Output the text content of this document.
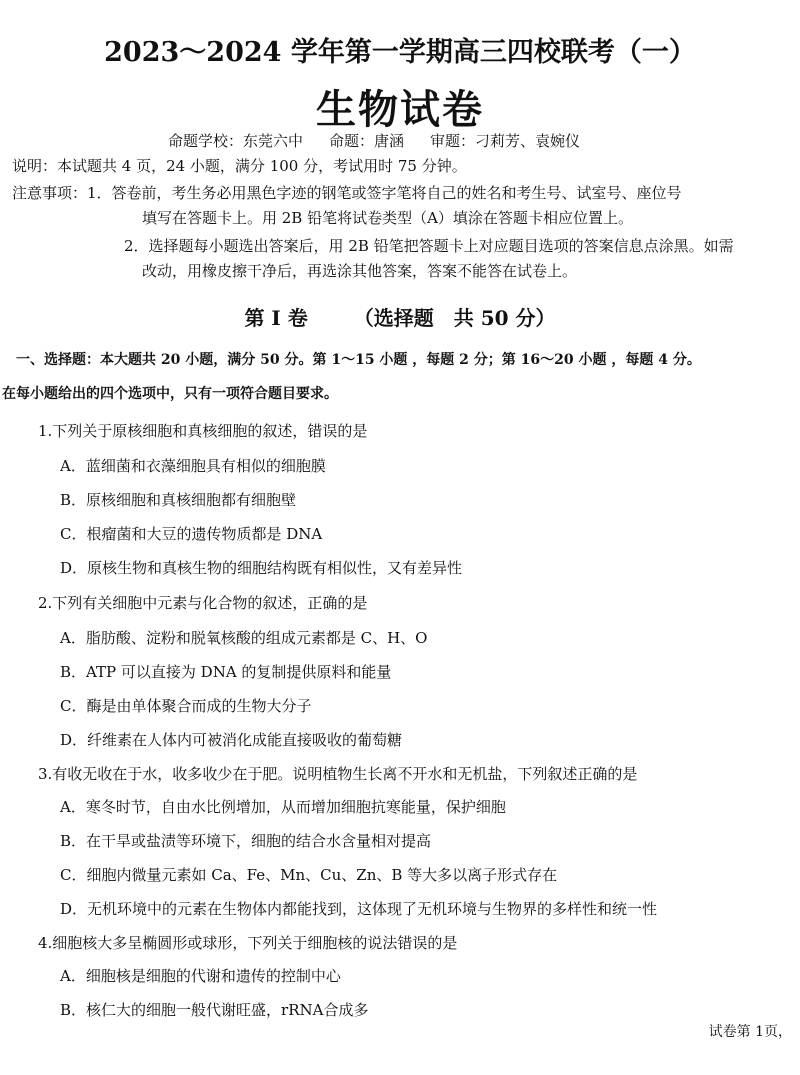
2023～2024 学年第一学期高三四校联考（一）
生物试卷
命题学校：东莞六中 命题：唐涵 审题：刁莉芳、袁婉仪
说明：本试题共 4 页，24 小题，满分 100 分，考试用时 75 分钟。
注意事项：1．答卷前，考生务必用黑色字迹的钢笔或签字笔将自己的姓名和考生号、试室号、座位号
填写在答题卡上。用 2B 铅笔将试卷类型（A）填涂在答题卡相应位置上。
2．选择题每小题选出答案后，用 2B 铅笔把答题卡上对应题目选项的答案信息点涂黑。如需
改动，用橡皮擦干净后，再选涂其他答案，答案不能答在试卷上。
第 I 卷 （选择题　共 50 分）
一、选择题：本大题共 20 小题，满分 50 分。第 1～15 小题 ，每题 2 分；第 16～20 小题 ，每题 4 分。
在每小题给出的四个选项中，只有一项符合题目要求。
1.下列关于原核细胞和真核细胞的叙述，错误的是
A．蓝细菌和衣藻细胞具有相似的细胞膜
B．原核细胞和真核细胞都有细胞壁
C．根瘤菌和大豆的遗传物质都是 DNA
D．原核生物和真核生物的细胞结构既有相似性，又有差异性
2.下列有关细胞中元素与化合物的叙述，正确的是
A．脂肪酸、淀粉和脱氧核酸的组成元素都是 C、H、O
B．ATP 可以直接为 DNA 的复制提供原料和能量
C．酶是由单体聚合而成的生物大分子
D．纤维素在人体内可被消化成能直接吸收的葡萄糖
3.有收无收在于水，收多收少在于肥。说明植物生长离不开水和无机盐，下列叙述正确的是
A．寒冬时节，自由水比例增加，从而增加细胞抗寒能量，保护细胞
B．在干旱或盐渍等环境下，细胞的结合水含量相对提高
C．细胞内微量元素如 Ca、Fe、Mn、Cu、Zn、B 等大多以离子形式存在
D．无机环境中的元素在生物体内都能找到，这体现了无机环境与生物界的多样性和统一性
4.细胞核大多呈椭圆形或球形，下列关于细胞核的说法错误的是
A．细胞核是细胞的代谢和遗传的控制中心
B．核仁大的细胞一般代谢旺盛，rRNA合成多
试卷第 1页，
